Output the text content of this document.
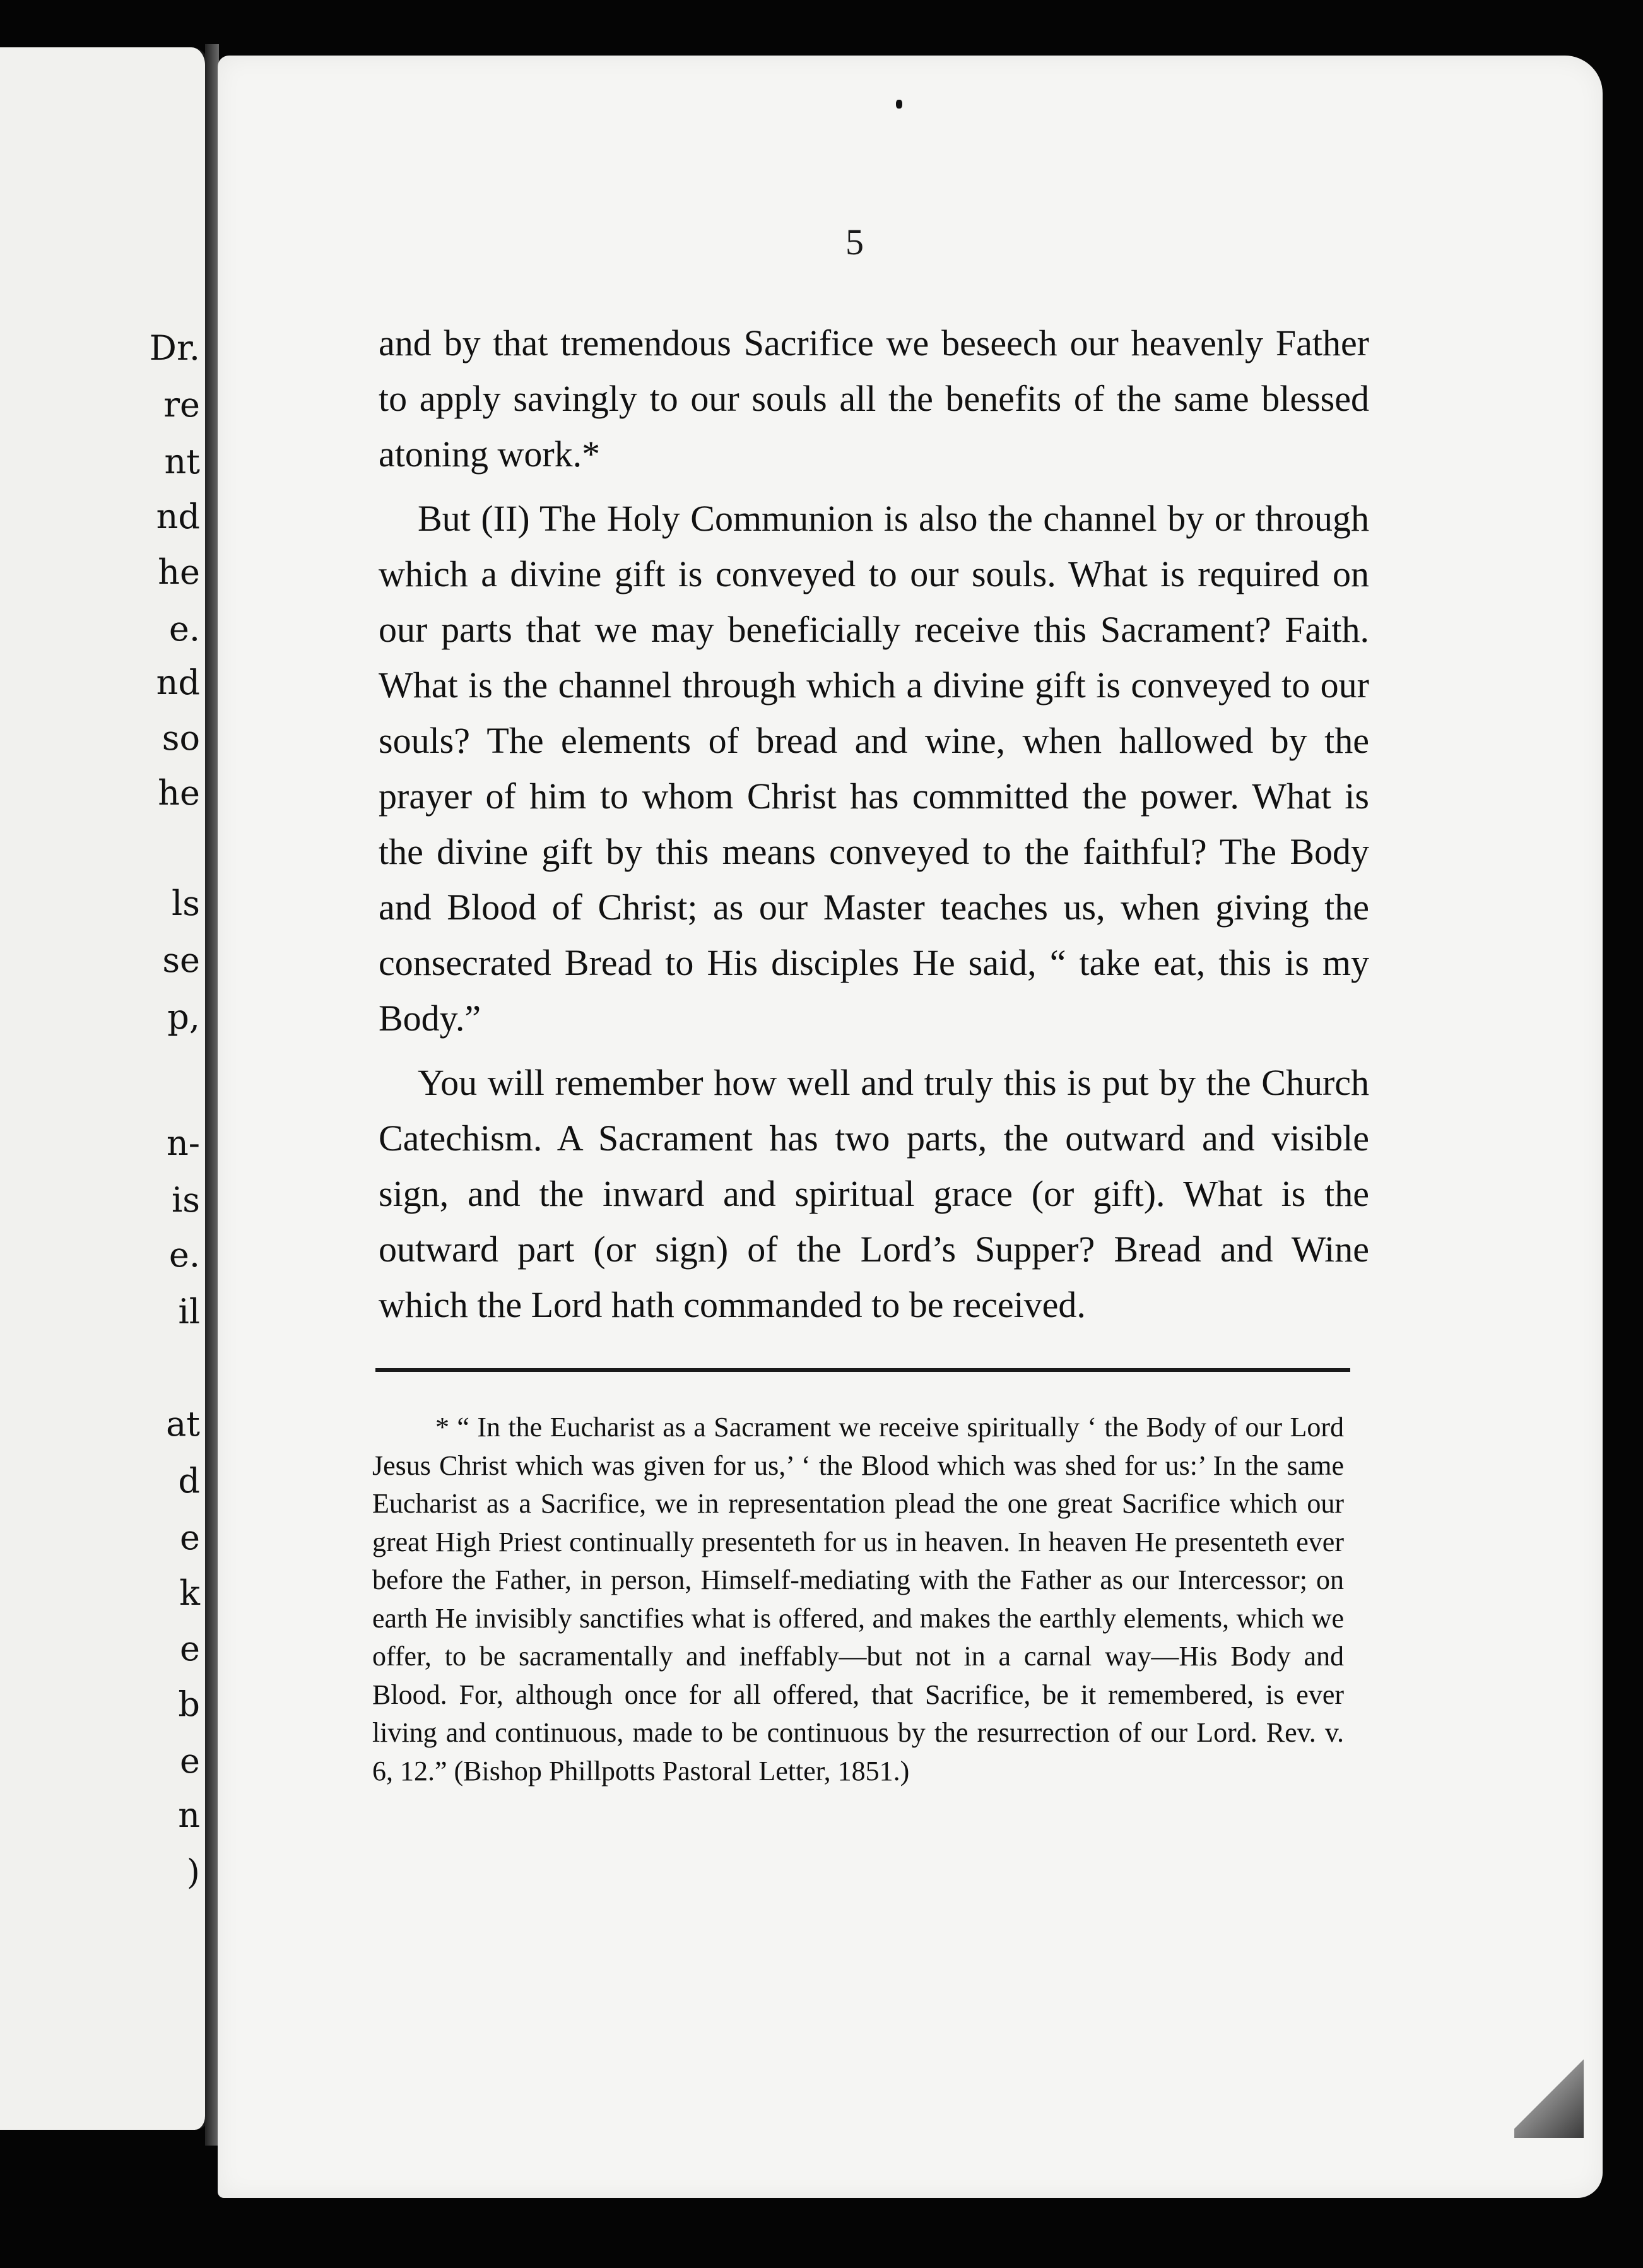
Dr.
re
nt
nd
he
e.
nd
so
he
ls
se
p,
n-
is
e.
il
at
d
e
k
e
b
e
n
)
5

and by that tremendous Sacrifice we beseech our heavenly Father to apply savingly to our souls all the benefits of the same blessed atoning work.*

But (II) The Holy Communion is also the channel by or through which a divine gift is conveyed to our souls. What is required on our parts that we may beneficially receive this Sacrament? Faith. What is the channel through which a divine gift is conveyed to our souls? The elements of bread and wine, when hallowed by the prayer of him to whom Christ has committed the power. What is the divine gift by this means conveyed to the faithful? The Body and Blood of Christ; as our Master teaches us, when giving the consecrated Bread to His disciples He said, “ take eat, this is my Body.”

You will remember how well and truly this is put by the Church Catechism. A Sacrament has two parts, the outward and visible sign, and the inward and spiritual grace (or gift). What is the outward part (or sign) of the Lord’s Supper? Bread and Wine which the Lord hath commanded to be received.

* “ In the Eucharist as a Sacrament we receive spiritually ‘ the Body of our Lord Jesus Christ which was given for us,’ ‘ the Blood which was shed for us:’ In the same Eucharist as a Sacrifice, we in representation plead the one great Sacrifice which our great High Priest continually presenteth for us in heaven. In heaven He presenteth ever before the Father, in person, Himself-mediating with the Father as our Intercessor; on earth He invisibly sanctifies what is offered, and makes the earthly elements, which we offer, to be sacramentally and ineffably—but not in a carnal way—His Body and Blood. For, although once for all offered, that Sacrifice, be it remembered, is ever living and continuous, made to be continuous by the resurrection of our Lord. Rev. v. 6, 12.” (Bishop Phillpotts Pastoral Letter, 1851.)
